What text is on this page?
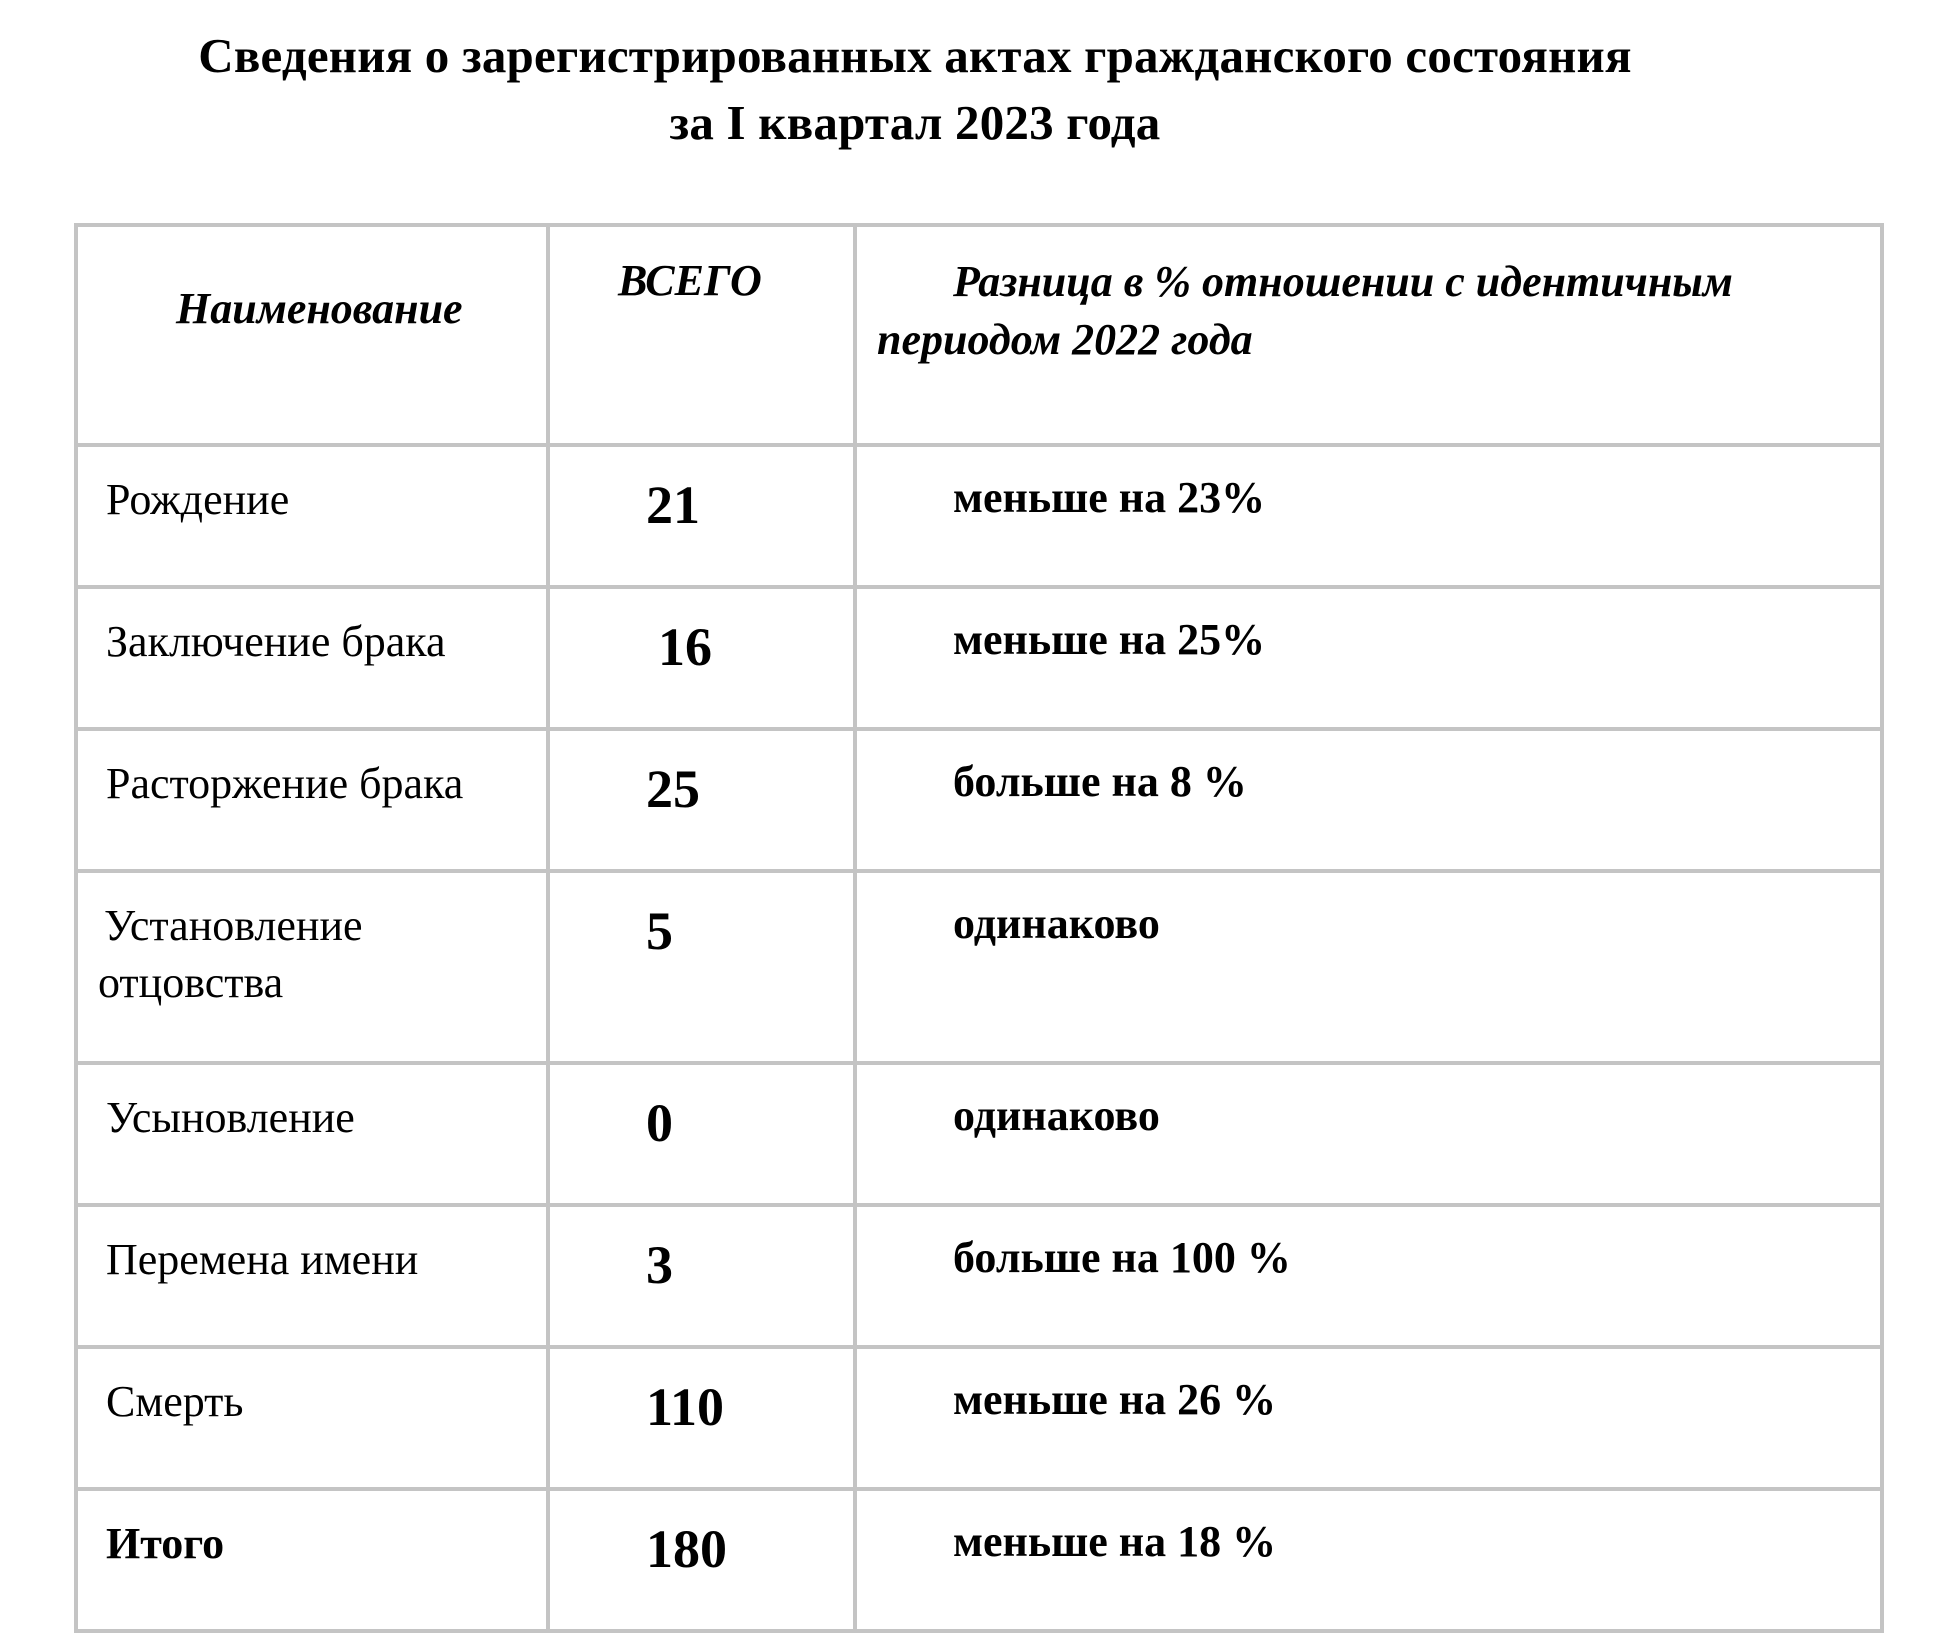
Сведения о зарегистрированных актах гражданского состояния
за I квартал 2023 года
Наименование	ВСЕГО	Разница в % отношении с идентичным периодом 2022 года
Рождение	21	меньше на 23%
Заключение брака	16	меньше на 25%
Расторжение брака	25	больше на 8 %
Установление отцовства	5	одинаково
Усыновление	0	одинаково
Перемена имени	3	больше на 100 %
Смерть	110	меньше на 26 %
Итого	180	меньше на 18 %
